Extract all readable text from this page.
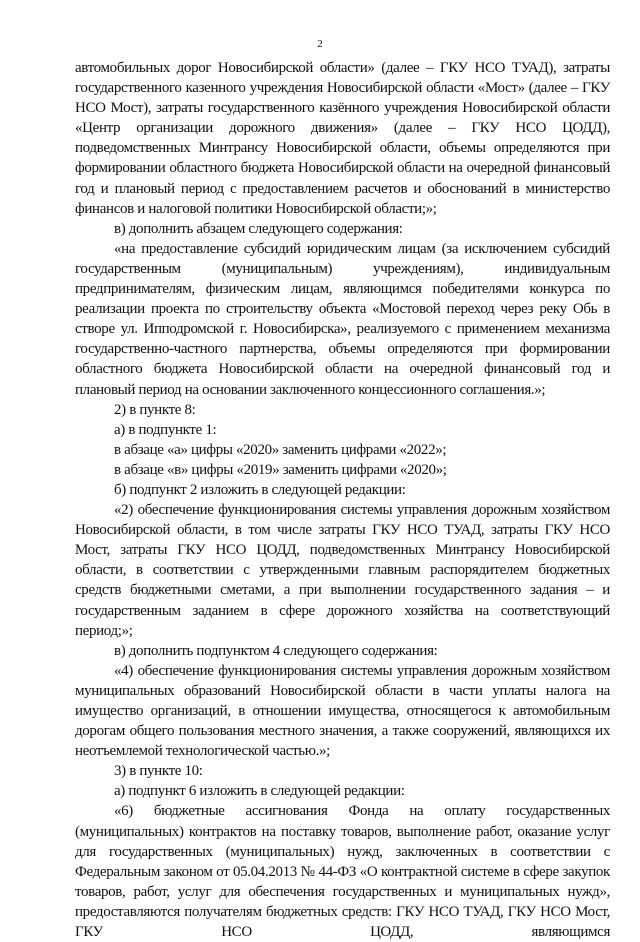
2

автомобильных дорог Новосибирской области» (далее – ГКУ НСО ТУАД), затраты государственного казенного учреждения Новосибирской области «Мост» (далее – ГКУ НСО Мост), затраты государственного казённого учреждения Новосибирской области «Центр организации дорожного движения» (далее – ГКУ НСО ЦОДД), подведомственных Минтрансу Новосибирской области, объемы определяются при формировании областного бюджета Новосибирской области на очередной финансовый год и плановый период с предоставлением расчетов и обоснований в министерство финансов и налоговой политики Новосибирской области;»;

в) дополнить абзацем следующего содержания:

«на предоставление субсидий юридическим лицам (за исключением субсидий государственным (муниципальным) учреждениям), индивидуальным предпринимателям, физическим лицам, являющимся победителями конкурса по реализации проекта по строительству объекта «Мостовой переход через реку Обь в створе ул. Ипподромской г. Новосибирска», реализуемого с применением механизма государственно-частного партнерства, объемы определяются при формировании областного бюджета Новосибирской области на очередной финансовый год и плановый период на основании заключенного концессионного соглашения.»;

2) в пункте 8:

а) в подпункте 1:

в абзаце «а» цифры «2020» заменить цифрами «2022»;

в абзаце «в» цифры «2019» заменить цифрами «2020»;

б) подпункт 2 изложить в следующей редакции:

«2) обеспечение функционирования системы управления дорожным хозяйством Новосибирской области, в том числе затраты ГКУ НСО ТУАД, затраты ГКУ НСО Мост, затраты ГКУ НСО ЦОДД, подведомственных Минтрансу Новосибирской области, в соответствии с утвержденными главным распорядителем бюджетных средств бюджетными сметами, а при выполнении государственного задания – и государственным заданием в сфере дорожного хозяйства на соответствующий период;»;

в) дополнить подпунктом 4 следующего содержания:

«4) обеспечение функционирования системы управления дорожным хозяйством муниципальных образований Новосибирской области в части уплаты налога на имущество организаций, в отношении имущества, относящегося к автомобильным дорогам общего пользования местного значения, а также сооружений, являющихся их неотъемлемой технологической частью.»;

3) в пункте 10:

а) подпункт 6 изложить в следующей редакции:

«6) бюджетные ассигнования Фонда на оплату государственных (муниципальных) контрактов на поставку товаров, выполнение работ, оказание услуг для государственных (муниципальных) нужд, заключенных в соответствии с Федеральным законом от 05.04.2013 № 44-ФЗ «О контрактной системе в сфере закупок товаров, работ, услуг для обеспечения государственных и муниципальных нужд», предоставляются получателям бюджетных средств: ГКУ НСО ТУАД, ГКУ НСО Мост, ГКУ НСО ЦОДД, являющимся
